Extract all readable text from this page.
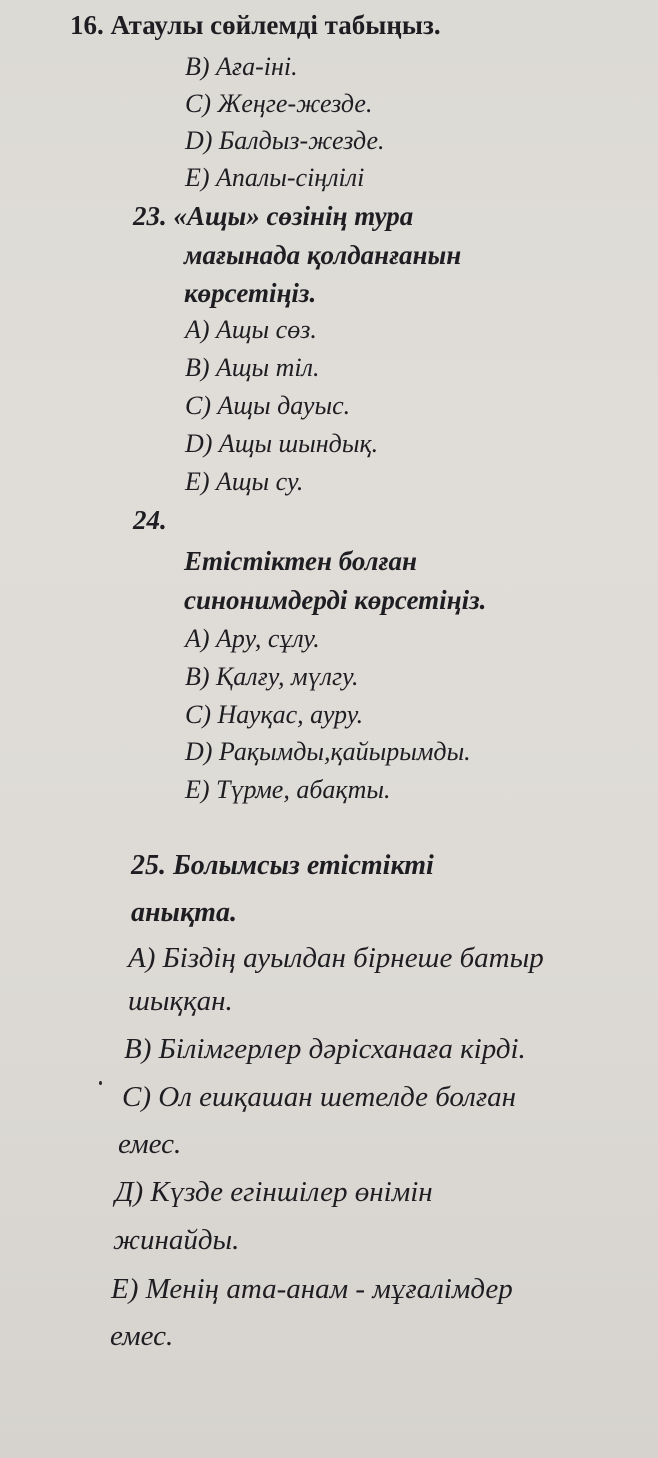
16. Атаулы сөйлемді табыңыз.
B) Аға-іні.
C) Жеңге-жезде.
D) Балдыз-жезде.
E) Апалы-сіңлілі
23. «Ащы» сөзінің тура
мағынада қолданғанын
көрсетіңіз.
A) Ащы сөз.
B) Ащы тіл.
C) Ащы дауыс.
D) Ащы шындық.
E) Ащы су.
24.
Етістіктен болған
синонимдерді көрсетіңіз.
A) Ару, сұлу.
B) Қалғу, мүлгу.
C) Науқас, ауру.
D) Рақымды,қайырымды.
E) Түрме, абақты.
25. Болымсыз етістікті
анықта.
A) Біздің ауылдан бірнеше батыр
шыққан.
B) Білімгерлер дәрісханаға кірді.
C) Ол ешқашан шетелде болған
емес.
Д) Күзде егіншілер өнімін
жинайды.
E) Менің ата-анам - мұғалімдер
емес.
